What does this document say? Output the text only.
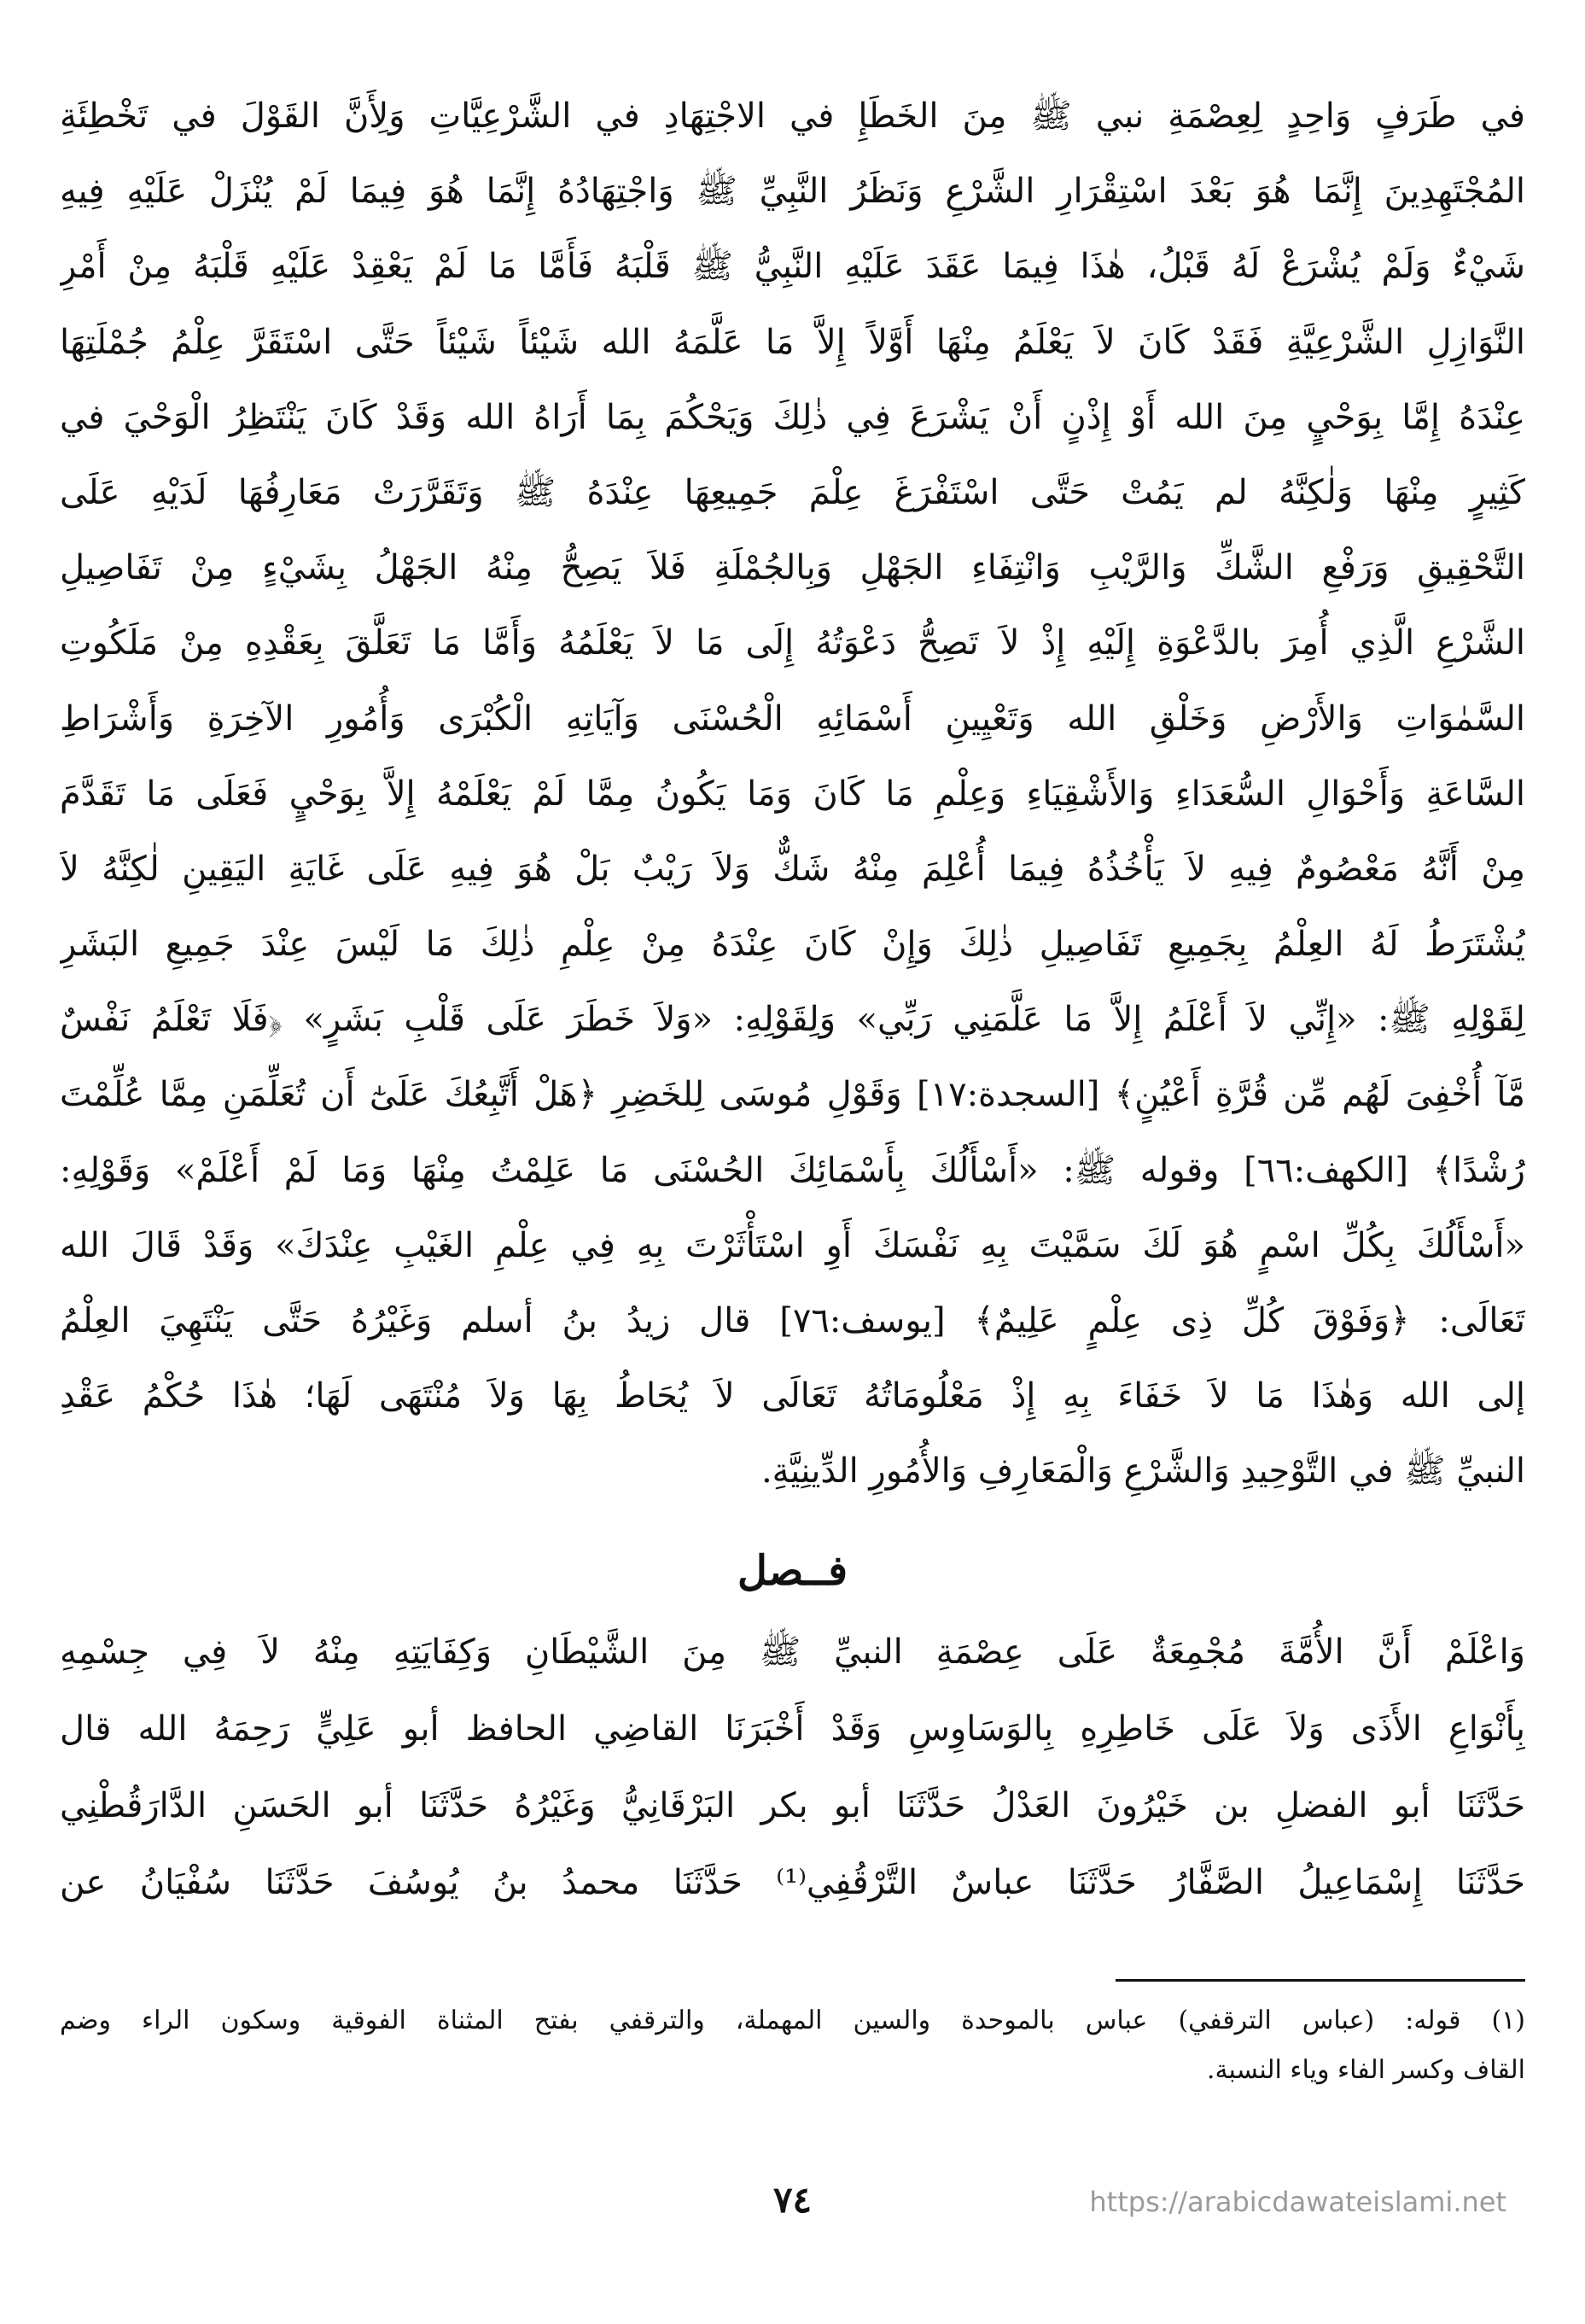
في طَرَفٍ وَاحِدٍ لِعِصْمَةِ نبي ﷺ مِنَ الخَطَإِ في الاجْتِهَادِ في الشَّرْعِيَّاتِ وَلِأَنَّ القَوْلَ في تَخْطِئَةِ
المُجْتَهِدِينَ إِنَّمَا هُوَ بَعْدَ اسْتِقْرَارِ الشَّرْعِ وَنَظَرُ النَّبِيِّ ﷺ وَاجْتِهَادُهُ إِنَّمَا هُوَ فِيمَا لَمْ يُنْزَلْ عَلَيْهِ فِيهِ
شَيْءٌ وَلَمْ يُشْرَعْ لَهُ قَبْلُ، هٰذَا فِيمَا عَقَدَ عَلَيْهِ النَّبِيُّ ﷺ قَلْبَهُ فَأَمَّا مَا لَمْ يَعْقِدْ عَلَيْهِ قَلْبَهُ مِنْ أَمْرِ
النَّوَازِلِ الشَّرْعِيَّةِ فَقَدْ كَانَ لاَ يَعْلَمُ مِنْهَا أَوَّلاً إِلاَّ مَا عَلَّمَهُ الله شَيْئاً شَيْئاً حَتَّى اسْتَقَرَّ عِلْمُ جُمْلَتِهَا
عِنْدَهُ إِمَّا بِوَحْيٍ مِنَ الله أَوْ إِذْنٍ أَنْ يَشْرَعَ فِي ذٰلِكَ وَيَحْكُمَ بِمَا أَرَاهُ الله وَقَدْ كَانَ يَنْتَظِرُ الْوَحْيَ في
كَثِيرٍ مِنْهَا وَلٰكِنَّهُ لم يَمُتْ حَتَّى اسْتَفْرَغَ عِلْمَ جَمِيعِهَا عِنْدَهُ ﷺ وَتَقَرَّرَتْ مَعَارِفُهَا لَدَيْهِ عَلَى
التَّحْقِيقِ وَرَفْعِ الشَّكِّ وَالرَّيْبِ وَانْتِفَاءِ الجَهْلِ وَبِالجُمْلَةِ فَلاَ يَصِحُّ مِنْهُ الجَهْلُ بِشَيْءٍ مِنْ تَفَاصِيلِ
الشَّرْعِ الَّذِي أُمِرَ بالدَّعْوَةِ إِلَيْهِ إِذْ لاَ تَصِحُّ دَعْوَتُهُ إِلَى مَا لاَ يَعْلَمُهُ وَأَمَّا مَا تَعَلَّقَ بِعَقْدِهِ مِنْ مَلَكُوتِ
السَّمٰوَاتِ وَالأَرْضِ وَخَلْقِ الله وَتَعْيِينِ أَسْمَائِهِ الْحُسْنَى وَآيَاتِهِ الْكُبْرَى وَأُمُورِ الآخِرَةِ وَأَشْرَاطِ
السَّاعَةِ وَأَحْوَالِ السُّعَدَاءِ وَالأَشْقِيَاءِ وَعِلْمِ مَا كَانَ وَمَا يَكُونُ مِمَّا لَمْ يَعْلَمْهُ إِلاَّ بِوَحْيٍ فَعَلَى مَا تَقَدَّمَ
مِنْ أَنَّهُ مَعْصُومٌ فِيهِ لاَ يَأْخُذُهُ فِيمَا أُعْلِمَ مِنْهُ شَكٌّ وَلاَ رَيْبٌ بَلْ هُوَ فِيهِ عَلَى غَايَةِ اليَقِينِ لٰكِنَّهُ لاَ
يُشْتَرَطُ لَهُ العِلْمُ بِجَمِيعِ تَفَاصِيلِ ذٰلِكَ وَإِنْ كَانَ عِنْدَهُ مِنْ عِلْمِ ذٰلِكَ مَا لَيْسَ عِنْدَ جَمِيعِ البَشَرِ
لِقَوْلِهِ ﷺ: «إِنِّي لاَ أَعْلَمُ إِلاَّ مَا عَلَّمَنِي رَبِّي» وَلِقَوْلِهِ: «وَلاَ خَطَرَ عَلَى قَلْبِ بَشَرٍ» ﴿فَلَا تَعْلَمُ نَفْسٌ
مَّآ أُخْفِىَ لَهُم مِّن قُرَّةِ أَعْيُنٍ﴾ [السجدة:١٧] وَقَوْلِ مُوسَى لِلخَضِرِ ﴿هَلْ أَتَّبِعُكَ عَلَىٰٓ أَن تُعَلِّمَنِ مِمَّا عُلِّمْتَ
رُشْدًا﴾ [الكهف:٦٦] وقوله ﷺ: «أَسْأَلُكَ بِأَسْمَائِكَ الحُسْنَى مَا عَلِمْتُ مِنْهَا وَمَا لَمْ أَعْلَمْ» وَقَوْلِهِ:
«أَسْأَلُكَ بِكُلِّ اسْمٍ هُوَ لَكَ سَمَّيْتَ بِهِ نَفْسَكَ أَوِ اسْتَأْثَرْتَ بِهِ فِي عِلْمِ الغَيْبِ عِنْدَكَ» وَقَدْ قَالَ الله
تَعَالَى: ﴿وَفَوْقَ كُلِّ ذِى عِلْمٍ عَلِيمٌ﴾ [يوسف:٧٦] قال زيدُ بنُ أسلم وَغَيْرُهُ حَتَّى يَنْتَهِيَ العِلْمُ
إلى الله وَهٰذَا مَا لاَ خَفَاءَ بِهِ إِذْ مَعْلُومَاتُهُ تَعَالَى لاَ يُحَاطُ بِهَا وَلاَ مُنْتَهَى لَهَا؛ هٰذَا حُكْمُ عَقْدِ
النبيِّ ﷺ في التَّوْحِيدِ وَالشَّرْعِ وَالْمَعَارِفِ وَالأُمُورِ الدِّينِيَّةِ.
فــصل
وَاعْلَمْ أَنَّ الأُمَّةَ مُجْمِعَةٌ عَلَى عِصْمَةِ النبيِّ ﷺ مِنَ الشَّيْطَانِ وَكِفَايَتِهِ مِنْهُ لاَ فِي جِسْمِهِ
بِأَنْوَاعِ الأَذَى وَلاَ عَلَى خَاطِرِهِ بِالوَسَاوِسِ وَقَدْ أَخْبَرَنَا القاضِي الحافظ أبو عَلِيٍّ رَحِمَهُ الله قال
حَدَّثَنَا أبو الفضلِ بن خَيْرُونَ العَدْلُ حَدَّثَنَا أبو بكر البَرْقَانِيُّ وَغَيْرُهُ حَدَّثَنَا أبو الحَسَنِ الدَّارَقُطْنِي
حَدَّثَنَا إِسْمَاعِيلُ الصَّفَّارُ حَدَّثَنَا عباسٌ التَّرْقُفِي⁽¹⁾ حَدَّثَنَا محمدُ بنُ يُوسُفَ حَدَّثَنَا سُفْيَانُ عن
(١) قوله: (عباس الترقفي) عباس بالموحدة والسين المهملة، والترقفي بفتح المثناة الفوقية وسكون الراء وضم
القاف وكسر الفاء وياء النسبة.
٧٤	https://arabicdawateislami.net
